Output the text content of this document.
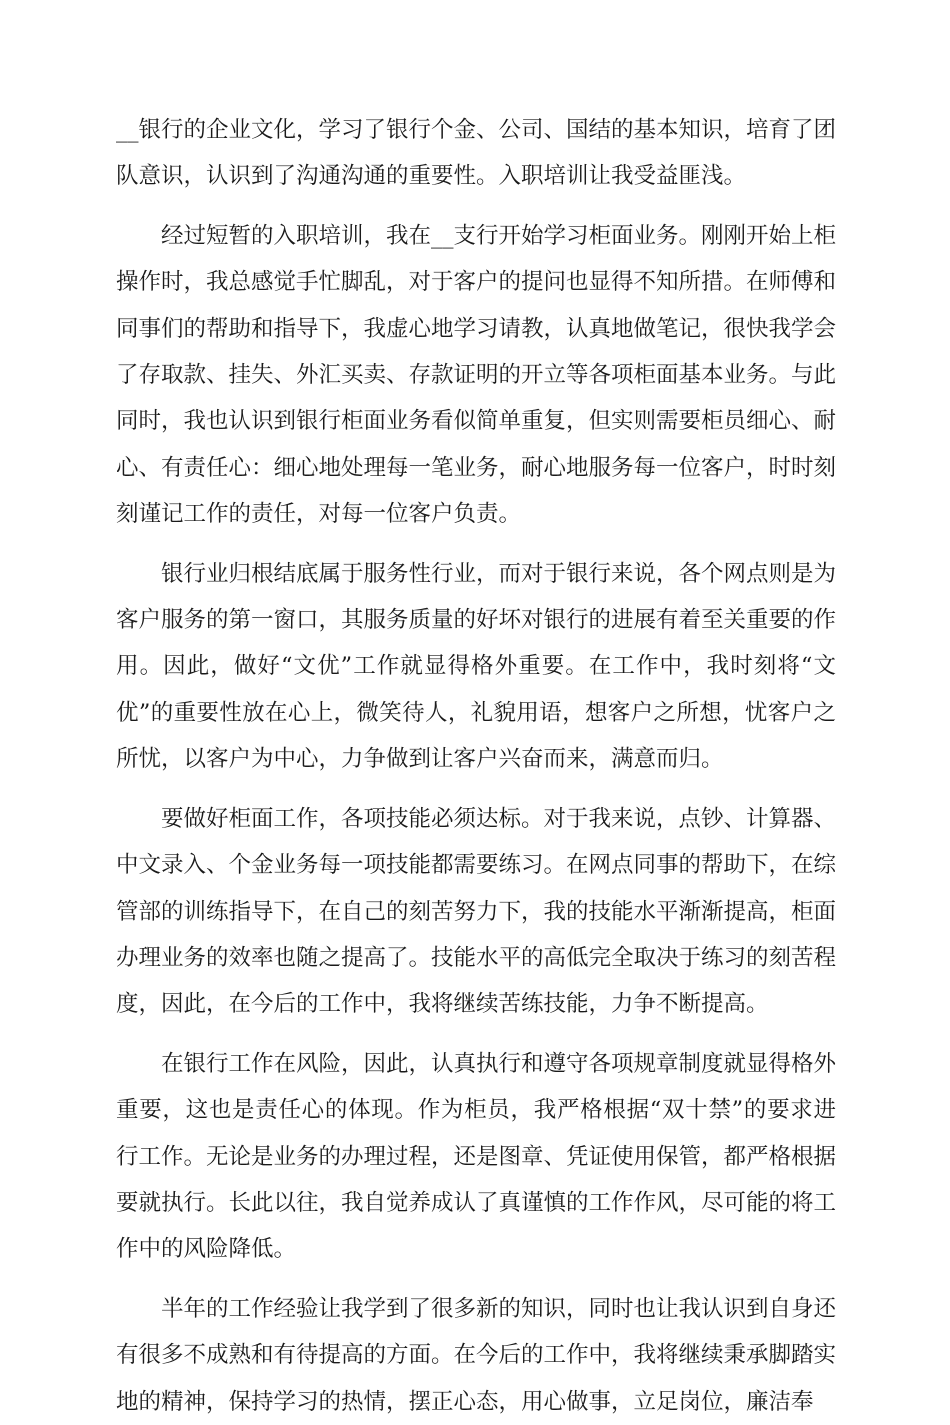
__银行的企业文化，学习了银行个金、公司、国结的基本知识，培育了团队意识，认识到了沟通沟通的重要性。入职培训让我受益匪浅。

经过短暂的入职培训，我在__支行开始学习柜面业务。刚刚开始上柜操作时，我总感觉手忙脚乱，对于客户的提问也显得不知所措。在师傅和同事们的帮助和指导下，我虚心地学习请教，认真地做笔记，很快我学会了存取款、挂失、外汇买卖、存款证明的开立等各项柜面基本业务。与此同时，我也认识到银行柜面业务看似简单重复，但实则需要柜员细心、耐心、有责任心：细心地处理每一笔业务，耐心地服务每一位客户，时时刻刻谨记工作的责任，对每一位客户负责。

银行业归根结底属于服务性行业，而对于银行来说，各个网点则是为客户服务的第一窗口，其服务质量的好坏对银行的进展有着至关重要的作用。因此，做好“文优”工作就显得格外重要。在工作中，我时刻将“文优”的重要性放在心上，微笑待人，礼貌用语，想客户之所想，忧客户之所忧，以客户为中心，力争做到让客户兴奋而来，满意而归。

要做好柜面工作，各项技能必须达标。对于我来说，点钞、计算器、中文录入、个金业务每一项技能都需要练习。在网点同事的帮助下，在综管部的训练指导下，在自己的刻苦努力下，我的技能水平渐渐提高，柜面办理业务的效率也随之提高了。技能水平的高低完全取决于练习的刻苦程度，因此，在今后的工作中，我将继续苦练技能，力争不断提高。

在银行工作在风险，因此，认真执行和遵守各项规章制度就显得格外重要，这也是责任心的体现。作为柜员，我严格根据“双十禁”的要求进行工作。无论是业务的办理过程，还是图章、凭证使用保管，都严格根据要就执行。长此以往，我自觉养成认了真谨慎的工作作风，尽可能的将工作中的风险降低。

半年的工作经验让我学到了很多新的知识，同时也让我认识到自身还有很多不成熟和有待提高的方面。在今后的工作中，我将继续秉承脚踏实地的精神，保持学习的热情，摆正心态，用心做事，立足岗位，廉洁奉
